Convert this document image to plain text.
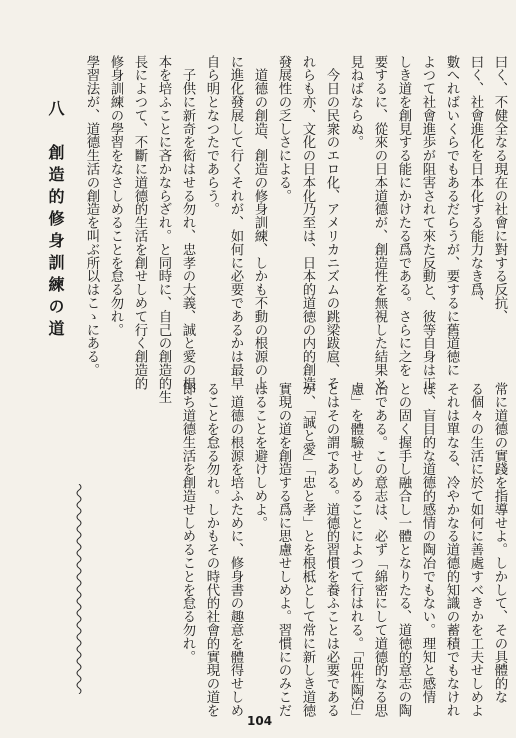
曰く、不健全なる現在の社會に對する反抗、
曰く、社會進化を日本化する能力なき爲、
數へればいくらでもあるだらうが、要するに舊道徳に
よつて社會進歩が阻害されて來た反動と、彼等自身は正
しき道を創見する能にかけたる爲である。さらに之を
要するに、從來の日本道德が、創造性を無視した結果と
見ねばならぬ。
　今日の民衆のエロ化、アメリカニズムの跳梁跋扈、そ
れらも亦、文化の日本化乃至は、日本的道徳の内的創造
發展性の乏しさによる。
　道德の創造、創造の修身訓練、しかも不動の根源の上
に進化發展して行くそれが、如何に必要であるかは最早
自ら明となつたであらう。
　子供に新奇を衒はせる勿れ、忠孝の大義、誠と愛の根
本を培ふことに吝かならざれ。と同時に、自己の創造的生
長によつて、不斷に道德的生活を創せしめて行く創造的
修身訓練の學習をなさしめることを怠る勿れ。
學習法が、道德生活の創造を叫ぶ所以はこゝにある。
八　創造的修身訓練の道
常に道德の實踐を指導せよ。しかして、その具體的な
る個々の生活に於て如何に善處すべきかを工夫せしめよ
それは單なる、冷やかなる道德的知識の蓄積でもなけれ
ば、盲目的な道德的感情の陶冶でもない。理知と感情
との固く握手し融合し一體となりたる、道徳的意志の陶
冶である。この意志は、必ず「綿密にして道德的なる思
慮」を體驗せしめることによつて行はれる。「品性陶冶」
とはその謂である。道德的習慣を養ふことは必要である
が、「誠と愛」「忠と孝」とを根柢として常に新しき道徳
實現の道を創造する爲に思慮せしめよ。習慣にのみこだ
はることを避けしめよ。
　道德の根源を培ふために、修身書の趣意を體得せしめ
ることを怠る勿れ。しかもその時代的社會的實現の道を
即ち道德生活を創造せしめることを怠る勿れ。
104
